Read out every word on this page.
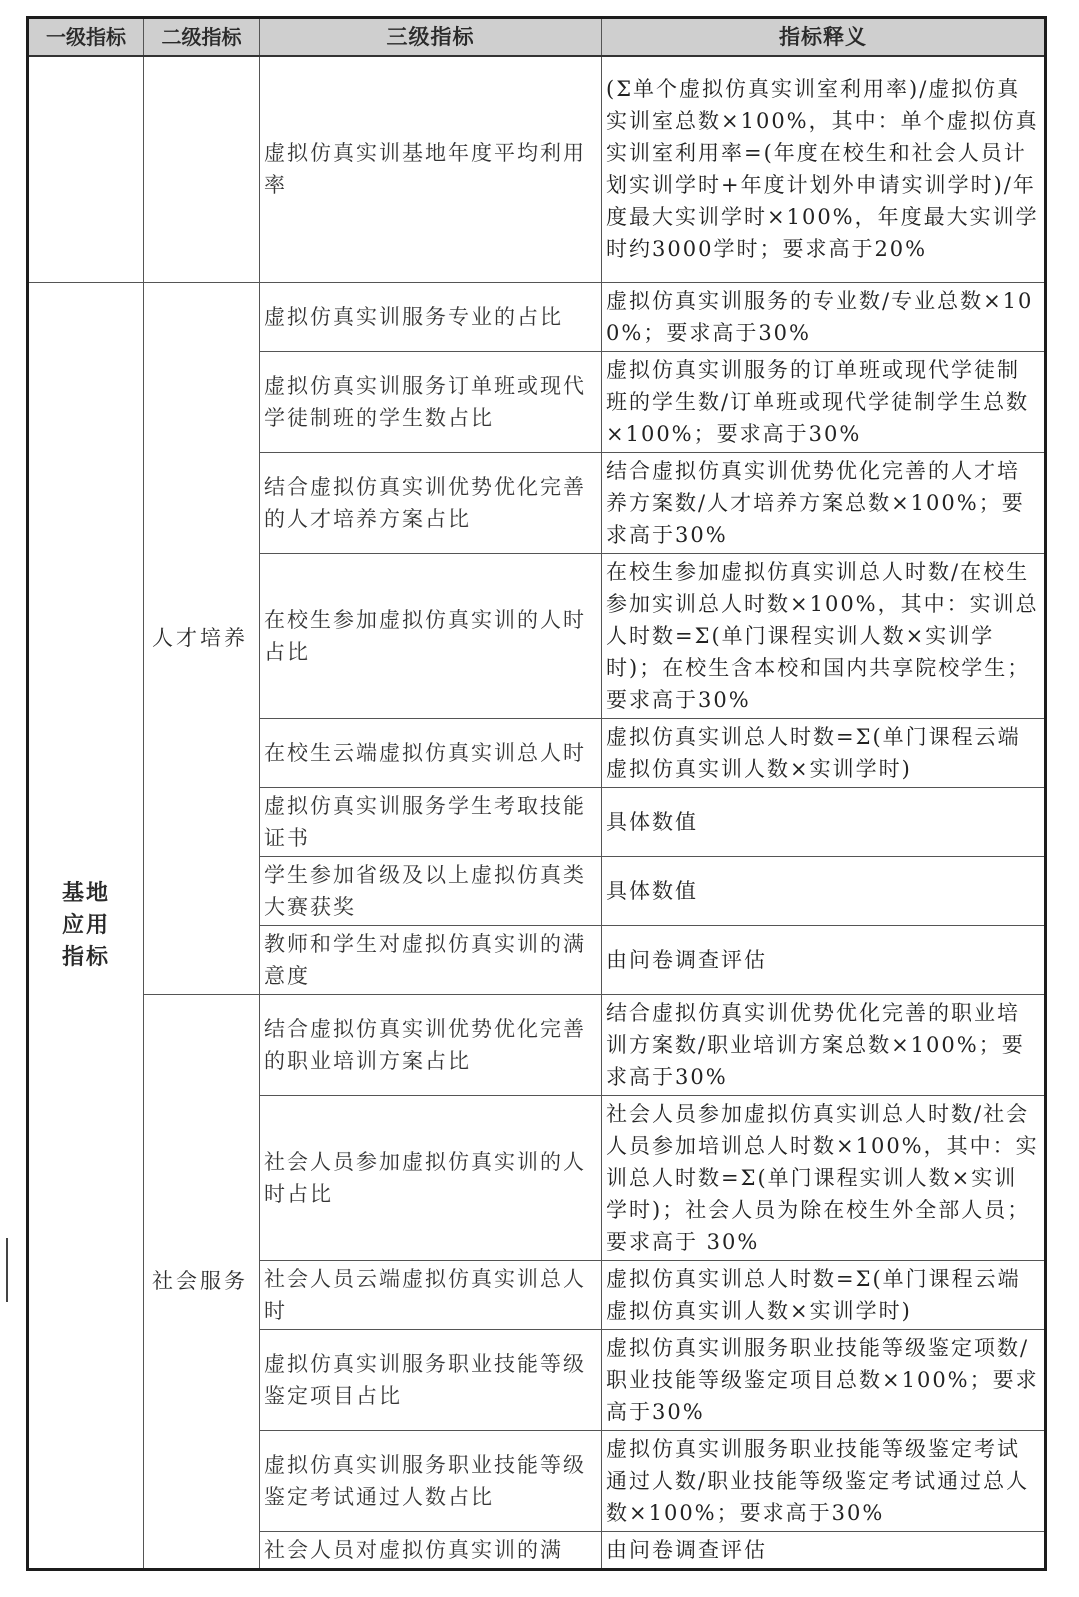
一级指标	二级指标	三级指标	指标释义
		虚拟仿真实训基地年度平均利用率	(Σ单个虚拟仿真实训室利用率)/虚拟仿真实训室总数×100%，其中：单个虚拟仿真实训室利用率=(年度在校生和社会人员计划实训学时+年度计划外申请实训学时)/年度最大实训学时×100%，年度最大实训学时约3000学时；要求高于20%
基地应用指标	人才培养	虚拟仿真实训服务专业的占比	虚拟仿真实训服务的专业数/专业总数×100%；要求高于30%
		虚拟仿真实训服务订单班或现代学徒制班的学生数占比	虚拟仿真实训服务的订单班或现代学徒制班的学生数/订单班或现代学徒制学生总数×100%；要求高于30%
		结合虚拟仿真实训优势优化完善的人才培养方案占比	结合虚拟仿真实训优势优化完善的人才培养方案数/人才培养方案总数×100%；要求高于30%
		在校生参加虚拟仿真实训的人时占比	在校生参加虚拟仿真实训总人时数/在校生参加实训总人时数×100%，其中：实训总人时数=Σ(单门课程实训人数×实训学时)；在校生含本校和国内共享院校学生；要求高于30%
		在校生云端虚拟仿真实训总人时	虚拟仿真实训总人时数=Σ(单门课程云端虚拟仿真实训人数×实训学时)
		虚拟仿真实训服务学生考取技能证书	具体数值
		学生参加省级及以上虚拟仿真类大赛获奖	具体数值
		教师和学生对虚拟仿真实训的满意度	由问卷调查评估
	社会服务	结合虚拟仿真实训优势优化完善的职业培训方案占比	结合虚拟仿真实训优势优化完善的职业培训方案数/职业培训方案总数×100%；要求高于30%
		社会人员参加虚拟仿真实训的人时占比	社会人员参加虚拟仿真实训总人时数/社会人员参加培训总人时数×100%，其中：实训总人时数=Σ(单门课程实训人数×实训学时)；社会人员为除在校生外全部人员；要求高于 30%
		社会人员云端虚拟仿真实训总人时	虚拟仿真实训总人时数=Σ(单门课程云端虚拟仿真实训人数×实训学时)
		虚拟仿真实训服务职业技能等级鉴定项目占比	虚拟仿真实训服务职业技能等级鉴定项数/职业技能等级鉴定项目总数×100%；要求高于30%
		虚拟仿真实训服务职业技能等级鉴定考试通过人数占比	虚拟仿真实训服务职业技能等级鉴定考试通过人数/职业技能等级鉴定考试通过总人数×100%；要求高于30%
		社会人员对虚拟仿真实训的满	由问卷调查评估
